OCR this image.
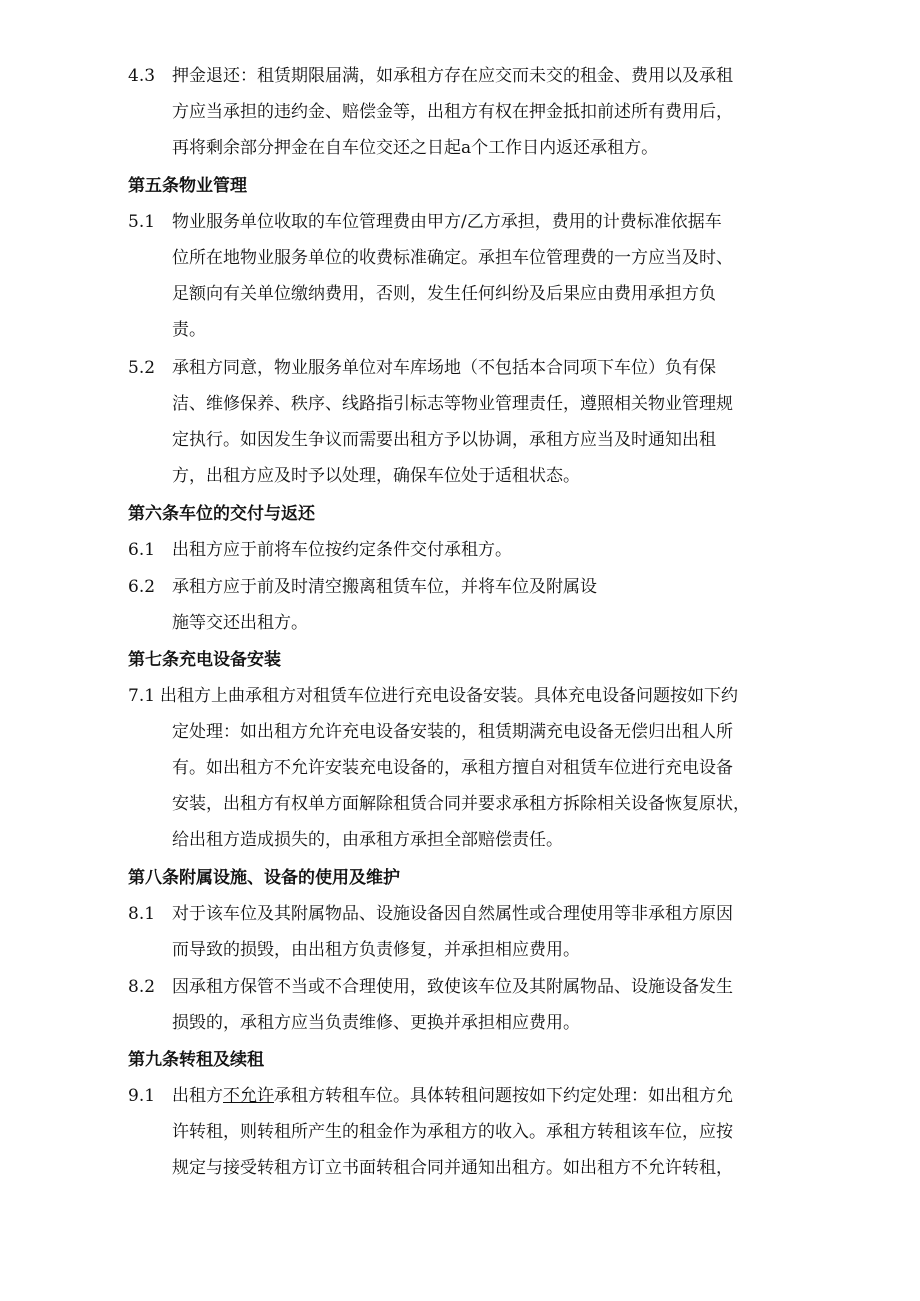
4.3 押金退还：租赁期限届满，如承租方存在应交而未交的租金、费用以及承租
方应当承担的违约金、赔偿金等，出租方有权在押金抵扣前述所有费用后，
再将剩余部分押金在自车位交还之日起a个工作日内返还承租方。
第五条物业管理
5.1 物业服务单位收取的车位管理费由甲方/乙方承担，费用的计费标准依据车
位所在地物业服务单位的收费标准确定。承担车位管理费的一方应当及时、
足额向有关单位缴纳费用，否则，发生任何纠纷及后果应由费用承担方负
责。
5.2 承租方同意，物业服务单位对车库场地（不包括本合同项下车位）负有保
洁、维修保养、秩序、线路指引标志等物业管理责任，遵照相关物业管理规
定执行。如因发生争议而需要出租方予以协调，承租方应当及时通知出租
方，出租方应及时予以处理，确保车位处于适租状态。
第六条车位的交付与返还
6.1 出租方应于前将车位按约定条件交付承租方。
6.2 承租方应于前及时清空搬离租赁车位，并将车位及附属设
施等交还出租方。
第七条充电设备安装
7.1 出租方上曲承租方对租赁车位进行充电设备安装。具体充电设备问题按如下约
定处理：如出租方允许充电设备安装的，租赁期满充电设备无偿归出租人所
有。如出租方不允许安装充电设备的，承租方擅自对租赁车位进行充电设备
安装，出租方有权单方面解除租赁合同并要求承租方拆除相关设备恢复原状，
给出租方造成损失的，由承租方承担全部赔偿责任。
第八条附属设施、设备的使用及维护
8.1 对于该车位及其附属物品、设施设备因自然属性或合理使用等非承租方原因
而导致的损毁，由出租方负责修复，并承担相应费用。
8.2 因承租方保管不当或不合理使用，致使该车位及其附属物品、设施设备发生
损毁的，承租方应当负责维修、更换并承担相应费用。
第九条转租及续租
9.1 出租方不允许承租方转租车位。具体转租问题按如下约定处理：如出租方允
许转租，则转租所产生的租金作为承租方的收入。承租方转租该车位，应按
规定与接受转租方订立书面转租合同并通知出租方。如出租方不允许转租，
